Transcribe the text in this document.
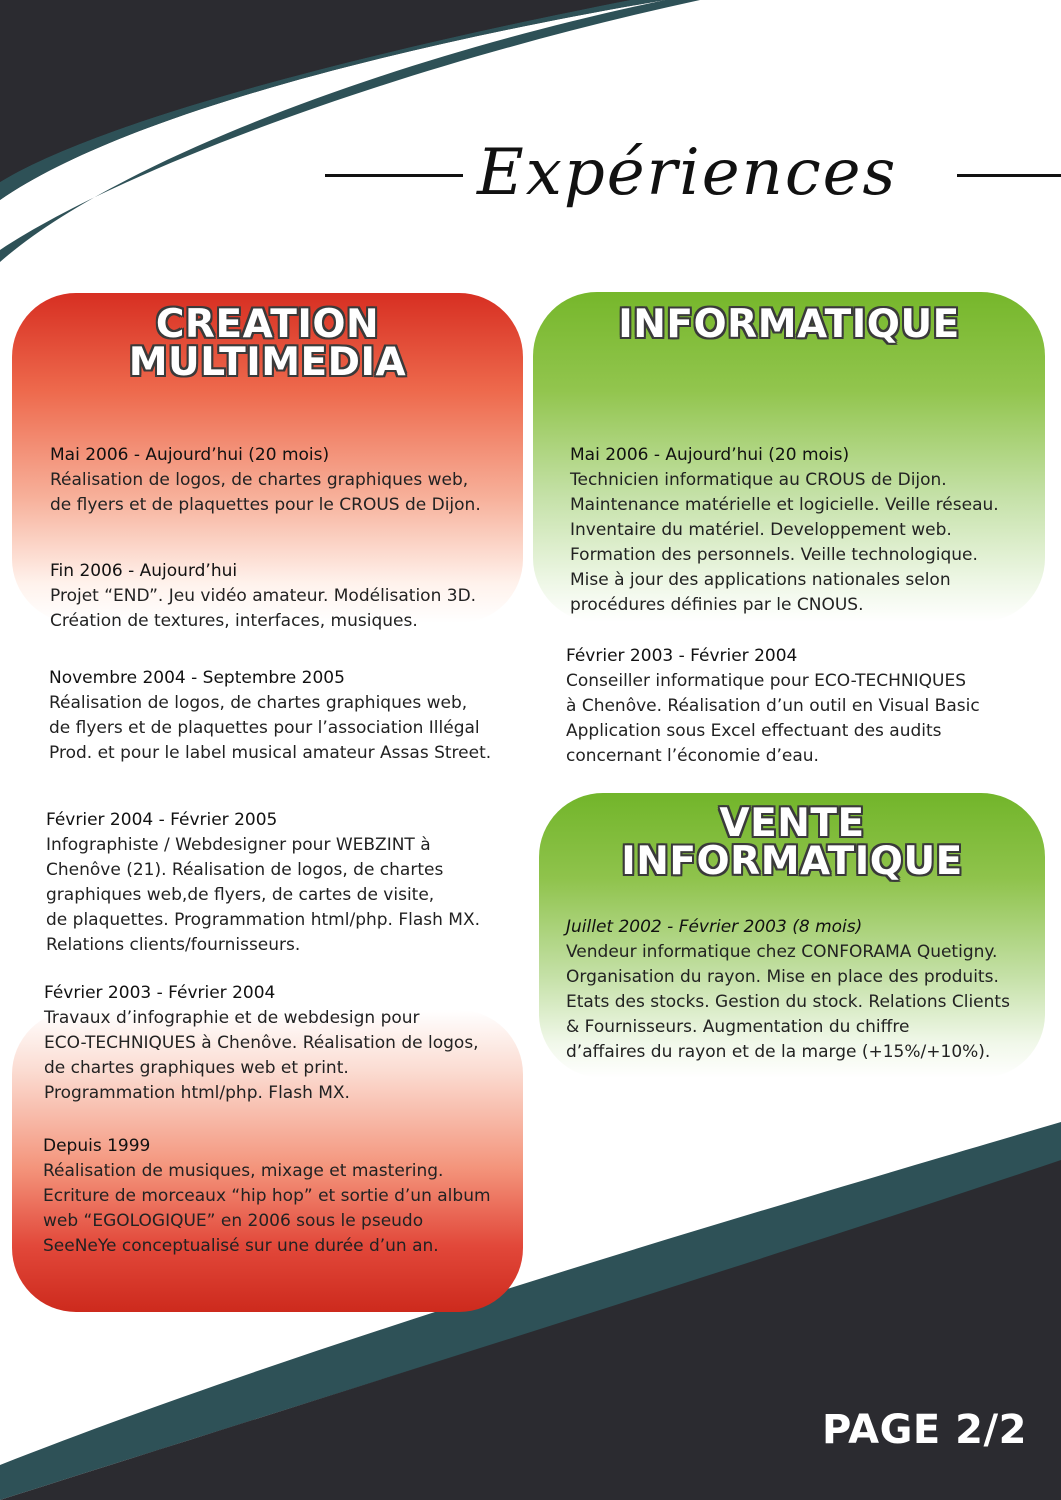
Expériences
CREATION
MULTIMEDIA
INFORMATIQUE
VENTE
INFORMATIQUE
Mai 2006 - Aujourd’hui (20 mois)
Réalisation de logos, de chartes graphiques web,
de flyers et de plaquettes pour le CROUS de Dijon.
Fin 2006 - Aujourd’hui
Projet “END”. Jeu vidéo amateur. Modélisation 3D.
Création de textures, interfaces, musiques.
Novembre 2004 - Septembre 2005
Réalisation de logos, de chartes graphiques web,
de flyers et de plaquettes pour l’association Illégal
Prod. et pour le label musical amateur Assas Street.
Février 2004 - Février 2005
Infographiste / Webdesigner pour WEBZINT à
Chenôve (21). Réalisation de logos, de chartes
graphiques web,de flyers, de cartes de visite,
de plaquettes. Programmation html/php. Flash MX.
Relations clients/fournisseurs.
Février 2003 - Février 2004
Travaux d’infographie et de webdesign pour
ECO-TECHNIQUES à Chenôve. Réalisation de logos,
de chartes graphiques web et print.
Programmation html/php. Flash MX.
Depuis 1999
Réalisation de musiques, mixage et mastering.
Ecriture de morceaux “hip hop” et sortie d’un album
web “EGOLOGIQUE” en 2006 sous le pseudo
SeeNeYe conceptualisé sur une durée d’un an.
Mai 2006 - Aujourd’hui (20 mois)
Technicien informatique au CROUS de Dijon.
Maintenance matérielle et logicielle. Veille réseau.
Inventaire du matériel. Developpement web.
Formation des personnels. Veille technologique.
Mise à jour des applications nationales selon
procédures définies par le CNOUS.
Février 2003 - Février 2004
Conseiller informatique pour ECO-TECHNIQUES
à Chenôve. Réalisation d’un outil en Visual Basic
Application sous Excel effectuant des audits
concernant l’économie d’eau.
Juillet 2002 - Février 2003 (8 mois)
Vendeur informatique chez CONFORAMA Quetigny.
Organisation du rayon. Mise en place des produits.
Etats des stocks. Gestion du stock. Relations Clients
& Fournisseurs. Augmentation du chiffre
d’affaires du rayon et de la marge (+15%/+10%).
PAGE 2/2
